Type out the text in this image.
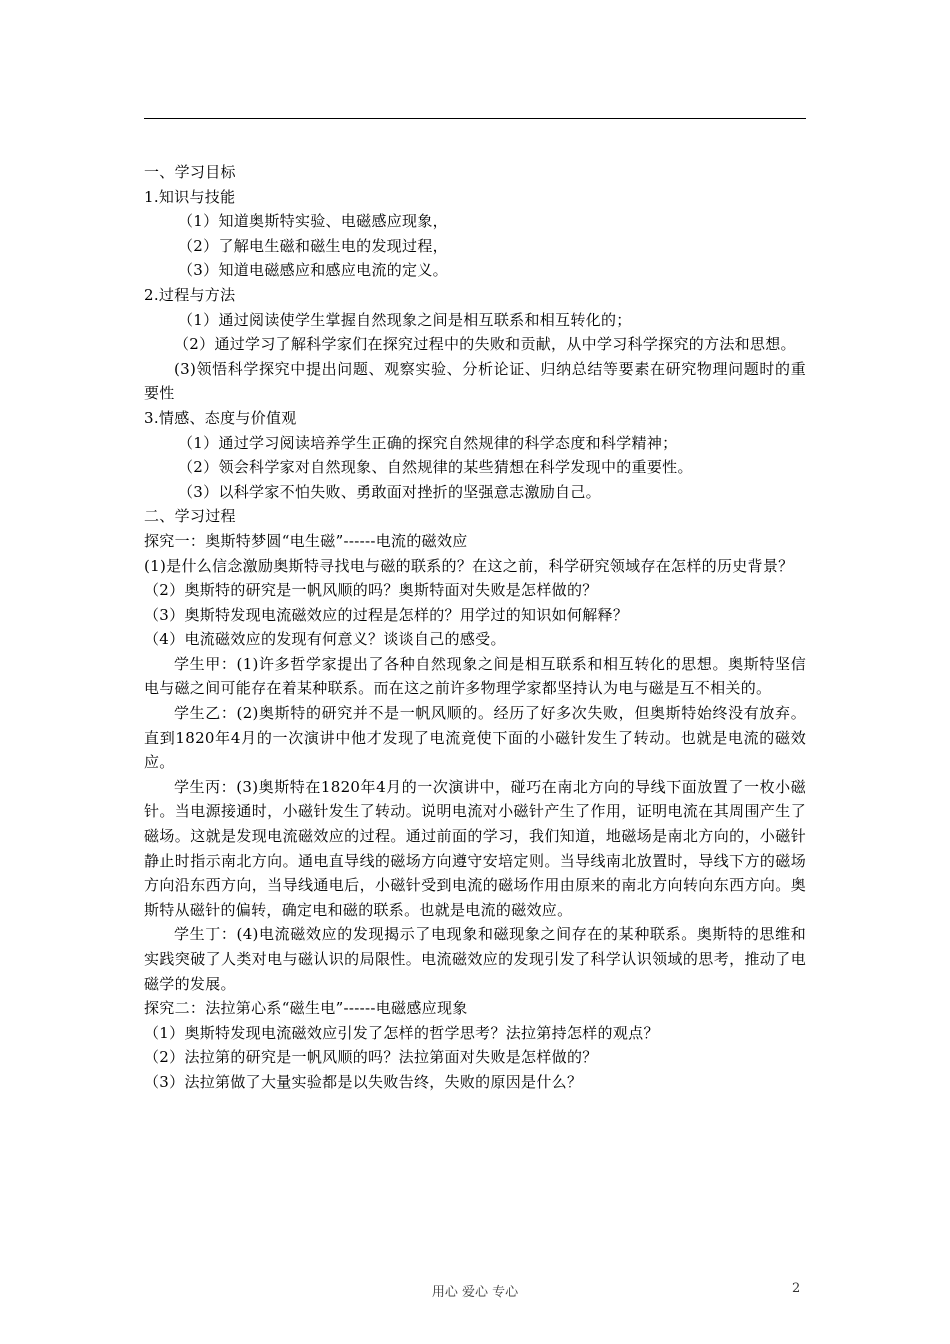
一、学习目标
1.知识与技能
（1）知道奥斯特实验、电磁感应现象，
（2）了解电生磁和磁生电的发现过程，
（3）知道电磁感应和感应电流的定义。
2.过程与方法
（1）通过阅读使学生掌握自然现象之间是相互联系和相互转化的；
（2）通过学习了解科学家们在探究过程中的失败和贡献，从中学习科学探究的方法和思想。
(3)领悟科学探究中提出问题、观察实验、分析论证、归纳总结等要素在研究物理问题时的重要性
3.情感、态度与价值观
（1）通过学习阅读培养学生正确的探究自然规律的科学态度和科学精神；
（2）领会科学家对自然现象、自然规律的某些猜想在科学发现中的重要性。
（3）以科学家不怕失败、勇敢面对挫折的坚强意志激励自己。
二、学习过程
探究一：奥斯特梦圆“电生磁”------电流的磁效应
(1)是什么信念激励奥斯特寻找电与磁的联系的？在这之前，科学研究领域存在怎样的历史背景？
（2）奥斯特的研究是一帆风顺的吗？奥斯特面对失败是怎样做的？
（3）奥斯特发现电流磁效应的过程是怎样的？用学过的知识如何解释？
（4）电流磁效应的发现有何意义？谈谈自己的感受。
学生甲：(1)许多哲学家提出了各种自然现象之间是相互联系和相互转化的思想。奥斯特坚信电与磁之间可能存在着某种联系。而在这之前许多物理学家都坚持认为电与磁是互不相关的。
学生乙：(2)奥斯特的研究并不是一帆风顺的。经历了好多次失败，但奥斯特始终没有放弃。直到1820年4月的一次演讲中他才发现了电流竟使下面的小磁针发生了转动。也就是电流的磁效应。
学生丙：(3)奥斯特在1820年4月的一次演讲中，碰巧在南北方向的导线下面放置了一枚小磁针。当电源接通时，小磁针发生了转动。说明电流对小磁针产生了作用，证明电流在其周围产生了磁场。这就是发现电流磁效应的过程。通过前面的学习，我们知道，地磁场是南北方向的，小磁针静止时指示南北方向。通电直导线的磁场方向遵守安培定则。当导线南北放置时，导线下方的磁场方向沿东西方向，当导线通电后，小磁针受到电流的磁场作用由原来的南北方向转向东西方向。奥斯特从磁针的偏转，确定电和磁的联系。也就是电流的磁效应。
学生丁：(4)电流磁效应的发现揭示了电现象和磁现象之间存在的某种联系。奥斯特的思维和实践突破了人类对电与磁认识的局限性。电流磁效应的发现引发了科学认识领域的思考，推动了电磁学的发展。
探究二：法拉第心系“磁生电”------电磁感应现象
（1）奥斯特发现电流磁效应引发了怎样的哲学思考？法拉第持怎样的观点？
（2）法拉第的研究是一帆风顺的吗？法拉第面对失败是怎样做的？
（3）法拉第做了大量实验都是以失败告终，失败的原因是什么？
用心 爱心 专心	2
